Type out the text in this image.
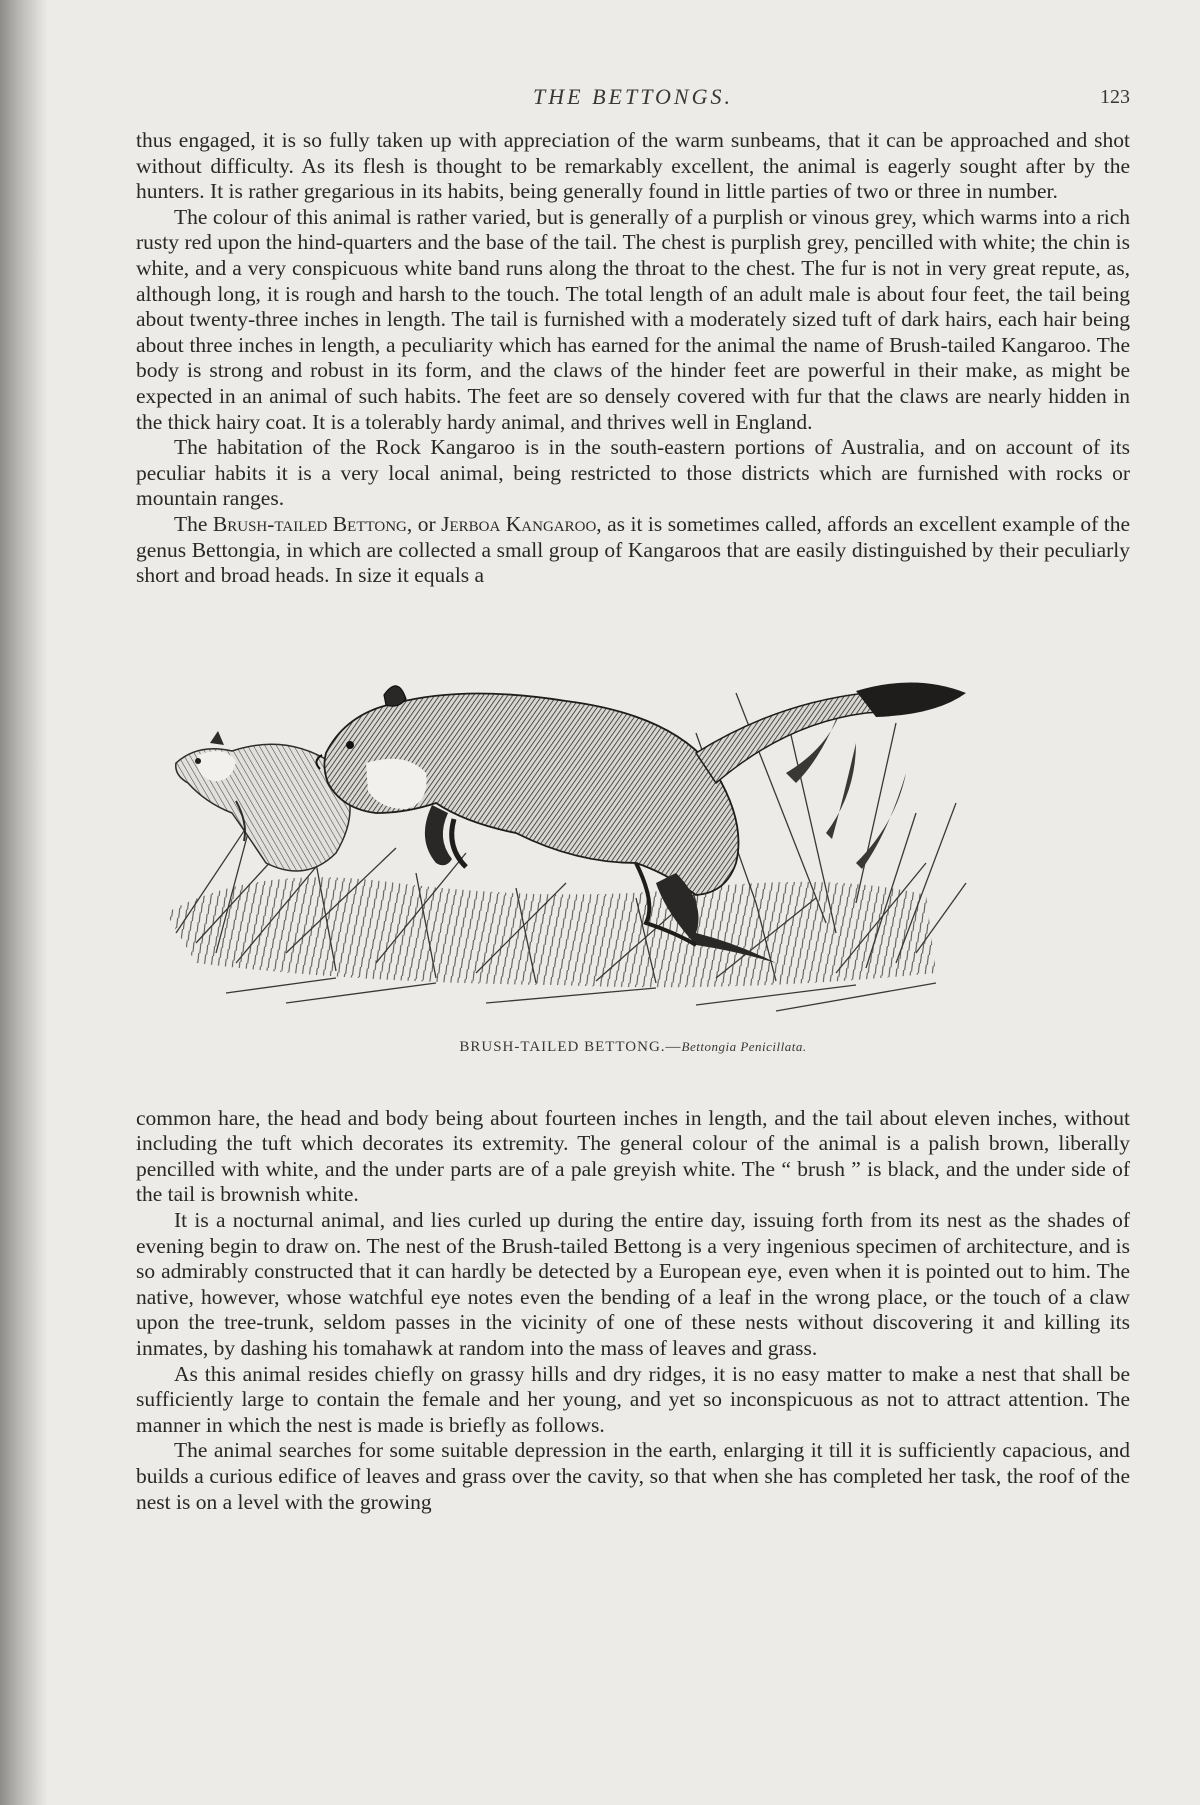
THE BETTONGS.	123

thus engaged, it is so fully taken up with appreciation of the warm sunbeams, that it can be approached and shot without difficulty. As its flesh is thought to be remarkably excellent, the animal is eagerly sought after by the hunters. It is rather gregarious in its habits, being generally found in little parties of two or three in number.

The colour of this animal is rather varied, but is generally of a purplish or vinous grey, which warms into a rich rusty red upon the hind-quarters and the base of the tail. The chest is purplish grey, pencilled with white; the chin is white, and a very conspicuous white band runs along the throat to the chest. The fur is not in very great repute, as, although long, it is rough and harsh to the touch. The total length of an adult male is about four feet, the tail being about twenty-three inches in length. The tail is furnished with a moderately sized tuft of dark hairs, each hair being about three inches in length, a peculiarity which has earned for the animal the name of Brush-tailed Kangaroo. The body is strong and robust in its form, and the claws of the hinder feet are powerful in their make, as might be expected in an animal of such habits. The feet are so densely covered with fur that the claws are nearly hidden in the thick hairy coat. It is a tolerably hardy animal, and thrives well in England.

The habitation of the Rock Kangaroo is in the south-eastern portions of Australia, and on account of its peculiar habits it is a very local animal, being restricted to those districts which are furnished with rocks or mountain ranges.

The Brush-tailed Bettong, or Jerboa Kangaroo, as it is sometimes called, affords an excellent example of the genus Bettongia, in which are collected a small group of Kangaroos that are easily distinguished by their peculiarly short and broad heads. In size it equals a

BRUSH-TAILED BETTONG.—Bettongia Penicillata.

common hare, the head and body being about fourteen inches in length, and the tail about eleven inches, without including the tuft which decorates its extremity. The general colour of the animal is a palish brown, liberally pencilled with white, and the under parts are of a pale greyish white. The “ brush ” is black, and the under side of the tail is brownish white.

It is a nocturnal animal, and lies curled up during the entire day, issuing forth from its nest as the shades of evening begin to draw on. The nest of the Brush-tailed Bettong is a very ingenious specimen of architecture, and is so admirably constructed that it can hardly be detected by a European eye, even when it is pointed out to him. The native, however, whose watchful eye notes even the bending of a leaf in the wrong place, or the touch of a claw upon the tree-trunk, seldom passes in the vicinity of one of these nests without discovering it and killing its inmates, by dashing his tomahawk at random into the mass of leaves and grass.

As this animal resides chiefly on grassy hills and dry ridges, it is no easy matter to make a nest that shall be sufficiently large to contain the female and her young, and yet so inconspicuous as not to attract attention. The manner in which the nest is made is briefly as follows.

The animal searches for some suitable depression in the earth, enlarging it till it is sufficiently capacious, and builds a curious edifice of leaves and grass over the cavity, so that when she has completed her task, the roof of the nest is on a level with the growing
